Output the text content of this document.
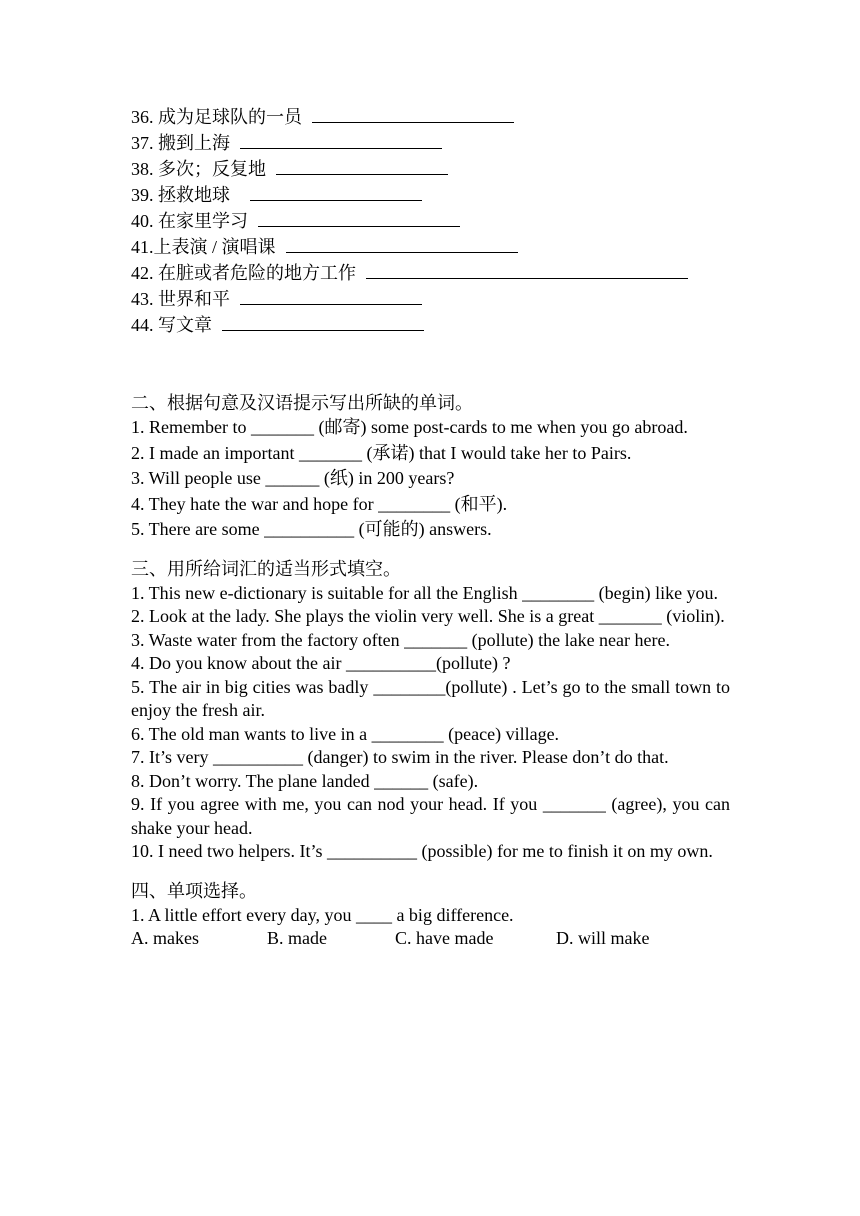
36. 成为足球队的一员
37. 搬到上海
38. 多次；反复地
39. 拯救地球
40. 在家里学习
41.上表演 / 演唱课
42. 在脏或者危险的地方工作
43. 世界和平
44. 写文章
二、根据句意及汉语提示写出所缺的单词。
1. Remember to _______ (邮寄) some post-cards to me when you go abroad.
2. I made an important _______ (承诺) that I would take her to Pairs.
3. Will people use ______ (纸) in 200 years?
4. They hate the war and hope for ________ (和平).
5. There are some __________ (可能的) answers.
三、用所给词汇的适当形式填空。
1. This new e-dictionary is suitable for all the English ________ (begin) like you.
2. Look at the lady. She plays the violin very well. She is a great _______ (violin).
3. Waste water from the factory often _______ (pollute) the lake near here.
4. Do you know about the air __________(pollute) ?
5. The air in big cities was badly ________(pollute) . Let’s go to the small town to enjoy the fresh air.
6. The old man wants to live in a ________ (peace) village.
7. It’s very __________ (danger) to swim in the river. Please don’t do that.
8. Don’t worry. The plane landed ______ (safe).
9. If you agree with me, you can nod your head. If you _______ (agree), you can shake your head.
10. I need two helpers. It’s __________ (possible) for me to finish it on my own.
四、单项选择。
1. A little effort every day, you ____ a big difference.
A. makes	B. made	C. have made	D. will make
